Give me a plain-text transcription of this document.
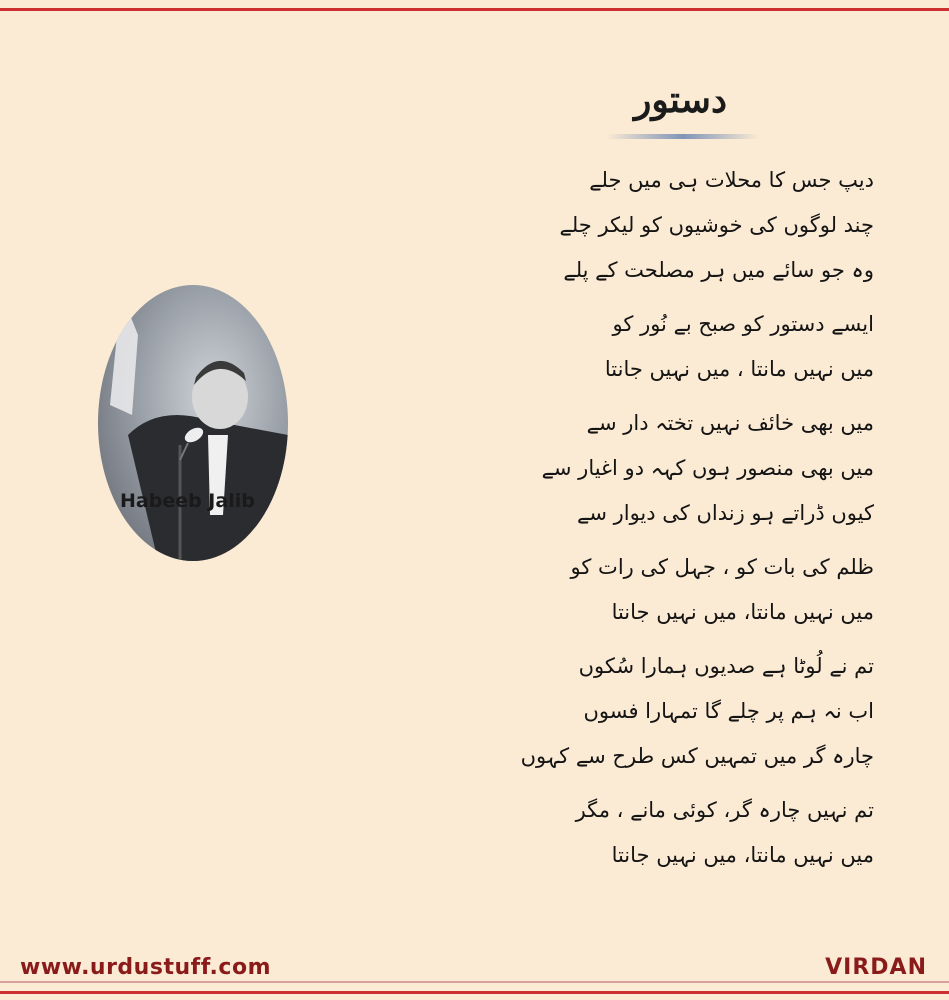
دستور
Habeeb Jalib
دیپ جس کا محلات ہی میں جلے
چند لوگوں کی خوشیوں کو لیکر چلے
وہ جو سائے میں ہر مصلحت کے پلے
ایسے دستور کو صبح بے نُور کو
میں نہیں مانتا ، میں نہیں جانتا
میں بھی خائف نہیں تختہ دار سے
میں بھی منصور ہوں کہہ دو اغیار سے
کیوں ڈراتے ہو زنداں کی دیوار سے
ظلم کی بات کو ، جہل کی رات کو
میں نہیں مانتا، میں نہیں جانتا
تم نے لُوٹا ہے صدیوں ہمارا سُکوں
اب نہ ہم پر چلے گا تمہارا فسوں
چارہ گر میں تمہیں کس طرح سے کہوں
تم نہیں چارہ گر، کوئی مانے ، مگر
میں نہیں مانتا، میں نہیں جانتا
www.urdustuff.com	VIRDAN
